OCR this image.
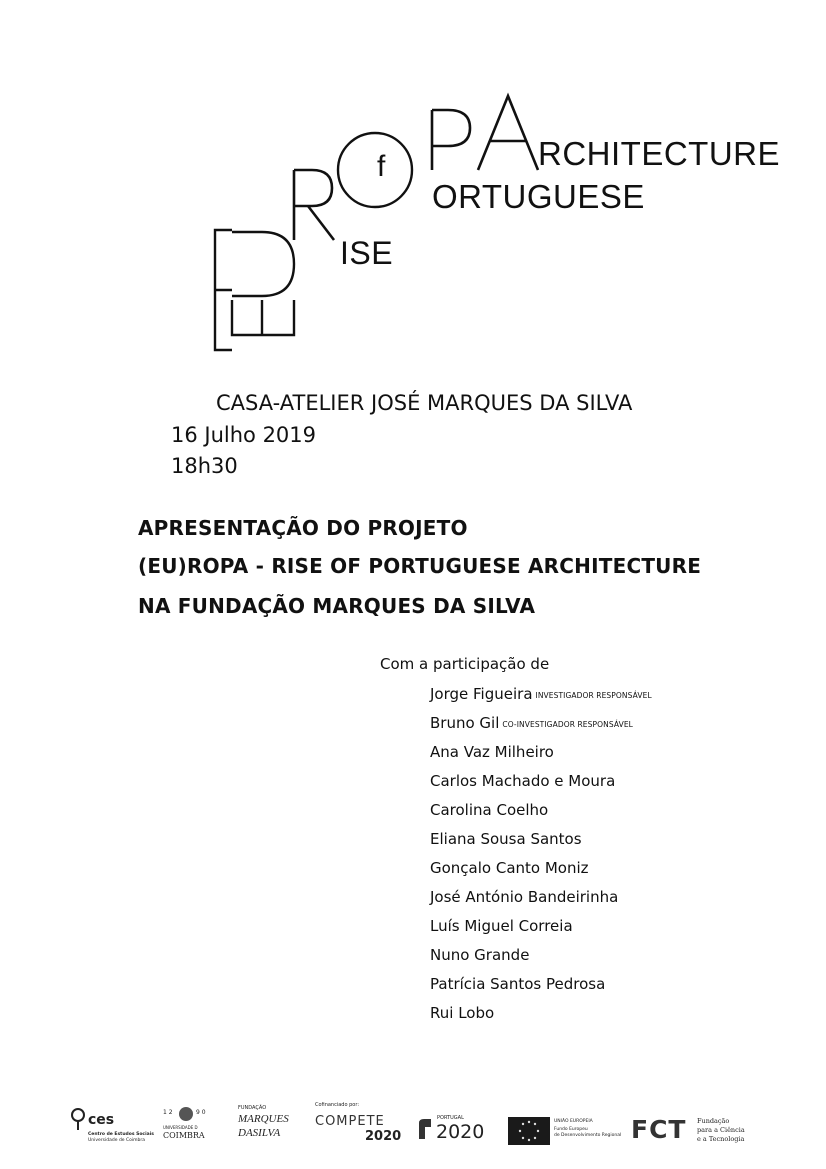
f
ISE
RCHITECTURE
ORTUGUESE
CASA-ATELIER JOSÉ MARQUES DA SILVA
16 Julho 2019
18h30
APRESENTAÇÃO DO PROJETO
(EU)ROPA - RISE OF PORTUGUESE ARCHITECTURE
NA FUNDAÇÃO MARQUES DA SILVA
Com a participação de
Jorge Figueira INVESTIGADOR RESPONSÁVEL
Bruno Gil CO-INVESTIGADOR RESPONSÁVEL
Ana Vaz Milheiro
Carlos Machado e Moura
Carolina Coelho
Eliana Sousa Santos
Gonçalo Canto Moniz
José António Bandeirinha
Luís Miguel Correia
Nuno Grande
Patrícia Santos Pedrosa
Rui Lobo
ces
Centro de Estudos Sociais
Universidade de Coimbra
1 2	9 0
UNIVERSIDADE D
COIMBRA
FUNDAÇÃO
MARQUES
DASILVA
Cofinanciado por:
COMPETE
2020
PORTUGAL
2020	UNIÃO EUROPEIA
Fundo Europeu
de Desenvolvimento Regional FCT Fundação
para a Ciência
e a Tecnologia
